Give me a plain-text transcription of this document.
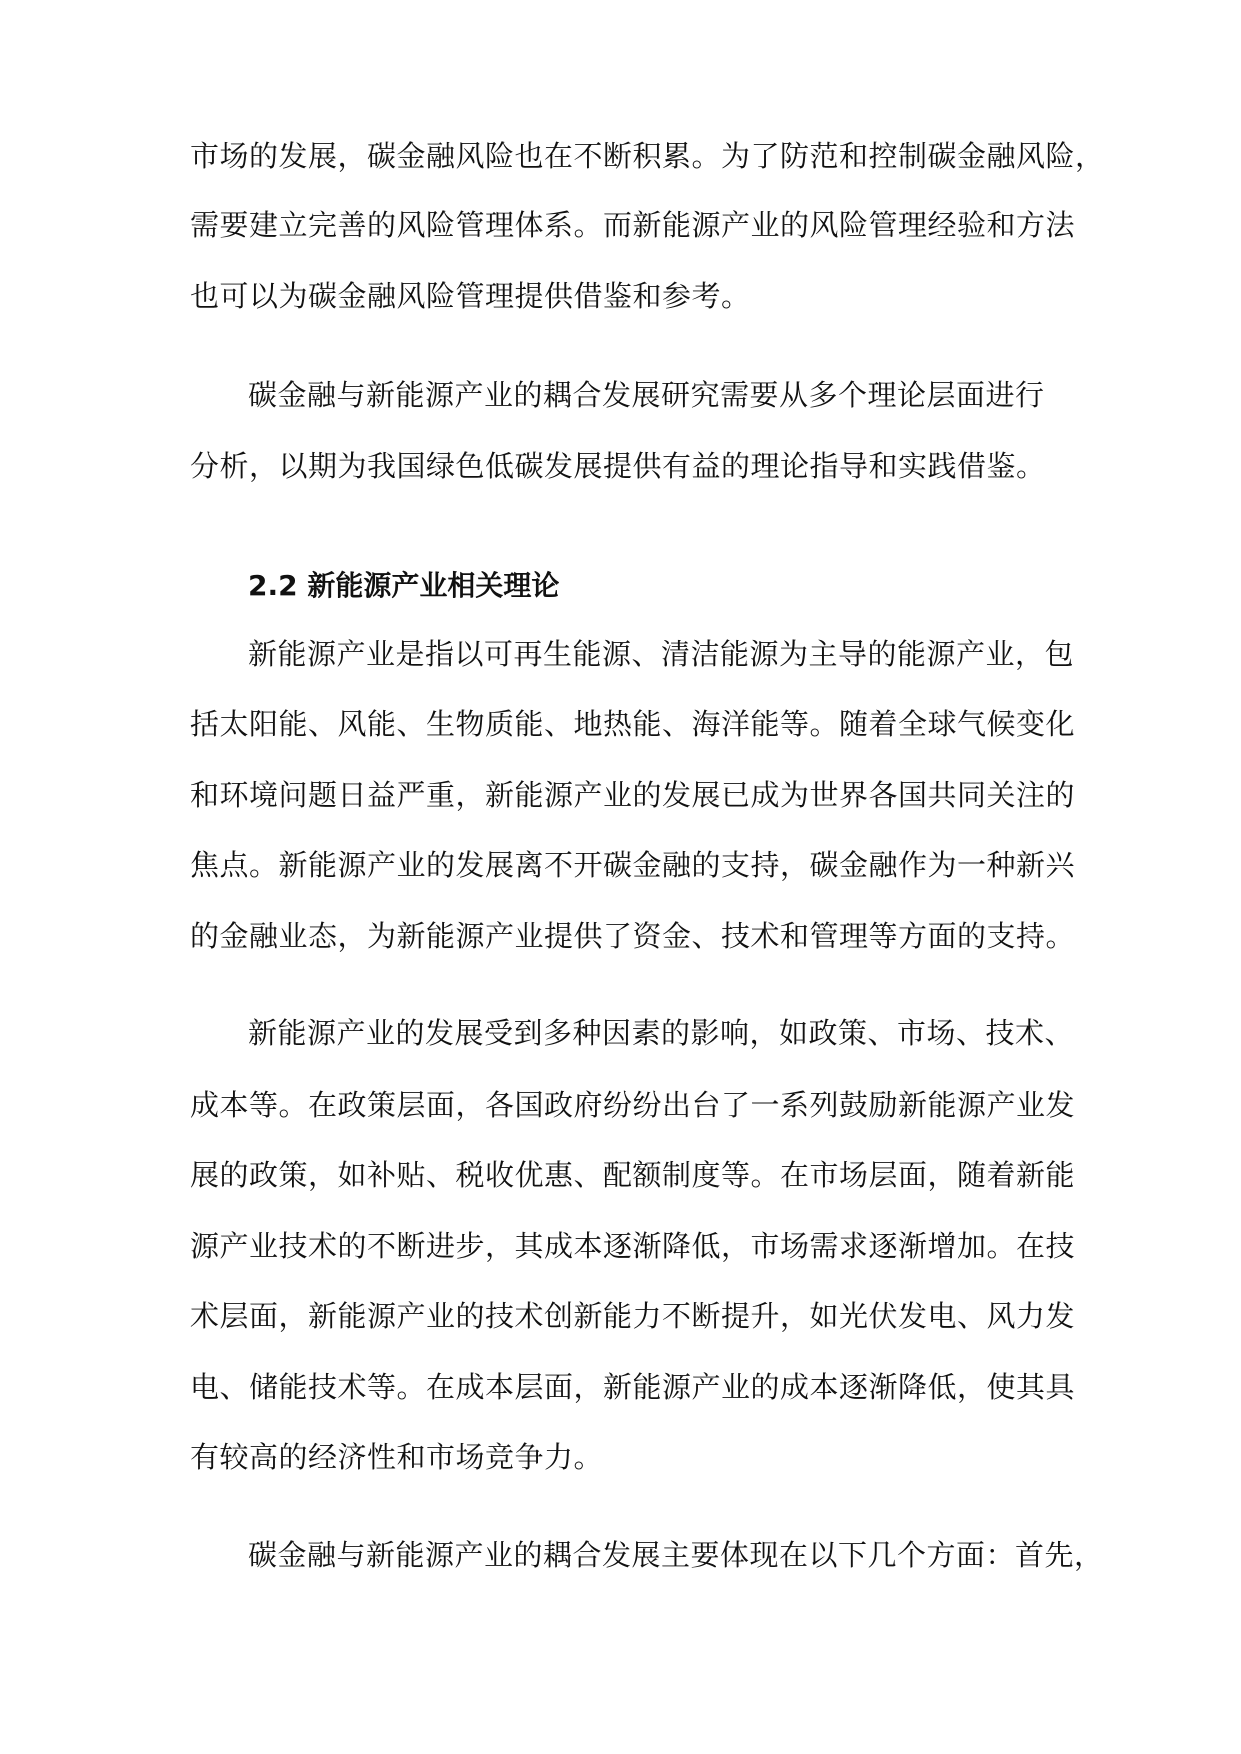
市场的发展，碳金融风险也在不断积累。为了防范和控制碳金融风险，
需要建立完善的风险管理体系。而新能源产业的风险管理经验和方法
也可以为碳金融风险管理提供借鉴和参考。
碳金融与新能源产业的耦合发展研究需要从多个理论层面进行
分析，以期为我国绿色低碳发展提供有益的理论指导和实践借鉴。
2.2 新能源产业相关理论
新能源产业是指以可再生能源、清洁能源为主导的能源产业，包
括太阳能、风能、生物质能、地热能、海洋能等。随着全球气候变化
和环境问题日益严重，新能源产业的发展已成为世界各国共同关注的
焦点。新能源产业的发展离不开碳金融的支持，碳金融作为一种新兴
的金融业态，为新能源产业提供了资金、技术和管理等方面的支持。
新能源产业的发展受到多种因素的影响，如政策、市场、技术、
成本等。在政策层面，各国政府纷纷出台了一系列鼓励新能源产业发
展的政策，如补贴、税收优惠、配额制度等。在市场层面，随着新能
源产业技术的不断进步，其成本逐渐降低，市场需求逐渐增加。在技
术层面，新能源产业的技术创新能力不断提升，如光伏发电、风力发
电、储能技术等。在成本层面，新能源产业的成本逐渐降低，使其具
有较高的经济性和市场竞争力。
碳金融与新能源产业的耦合发展主要体现在以下几个方面：首先，
